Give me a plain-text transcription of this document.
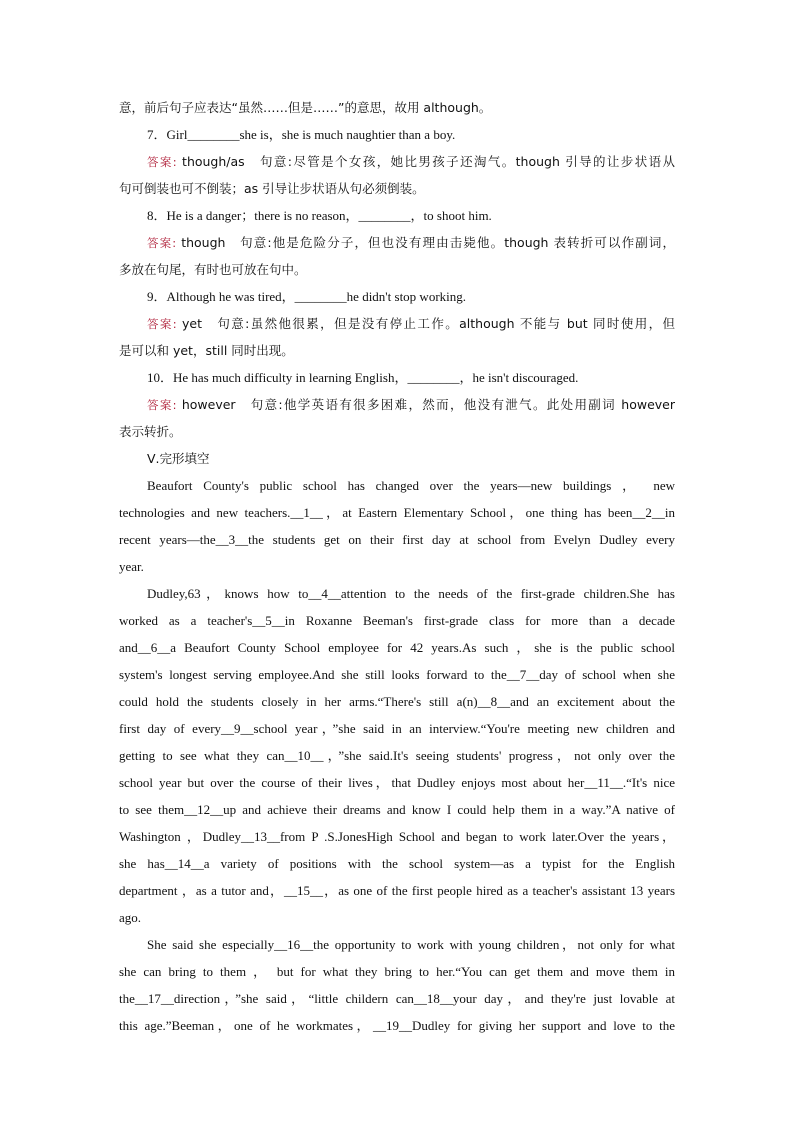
意，前后句子应表达“虽然……但是……”的意思，故用 although。
7．Girl________she is，she is much naughtier than a boy.
答案: though/as　句意:尽管是个女孩，她比男孩子还淘气。though 引导的让步状语从
句可倒装也可不倒装；as 引导让步状语从句必须倒装。
8．He is a danger；there is no reason，________，to shoot him.
答案: though　句意:他是危险分子，但也没有理由击毙他。though 表转折可以作副词，
多放在句尾，有时也可放在句中。
9．Although he was tired，________he didn't stop working.
答案: yet　句意:虽然他很累，但是没有停止工作。although 不能与 but 同时使用，但
是可以和 yet，still 同时出现。
10．He has much difficulty in learning English，________，he isn't discouraged.
答案: however　句意:他学英语有很多困难，然而，他没有泄气。此处用副词 however
表示转折。
Ⅴ.完形填空
Beaufort County's public school has changed over the years—new buildings ， new
technologies and new teachers.__1__，at Eastern Elementary School，one thing has been__2__in
recent years—the__3__the students get on their first day at school from Evelyn Dudley every
year.
Dudley,63，knows how to__4__attention to the needs of the first-grade children.She has
worked as a teacher's__5__in Roxanne Beeman's first-grade class for more than a decade
and__6__a Beaufort County School employee for 42 years.As such ，she is the public school
system's longest serving employee.And she still looks forward to the__7__day of school when she
could hold the students closely in her arms.“There's still a(n)__8__and an excitement about the
first day of every__9__school year，”she said in an interview.“You're meeting new children and
getting to see what they can__10__，”she said.It's seeing students' progress，not only over the
school year but over the course of their lives，that Dudley enjoys most about her__11__.“It's nice
to see them__12__up and achieve their dreams and know I could help them in a way.”A native of
Washington ，Dudley__13__from P .S.JonesHigh School and began to work later.Over the years，
she has__14__a variety of positions with the school system—as a typist for the English
department ，as a tutor and，__15__，as one of the first people hired as a teacher's assistant 13 years
ago.
She said she especially__16__the opportunity to work with young children，not only for what
she can bring to them ， but for what they bring to her.“You can get them and move them in
the__17__direction，”she said，“little childern can__18__your day，and they're just lovable at
this age.”Beeman，one of he workmates，__19__Dudley for giving her support and love to the
